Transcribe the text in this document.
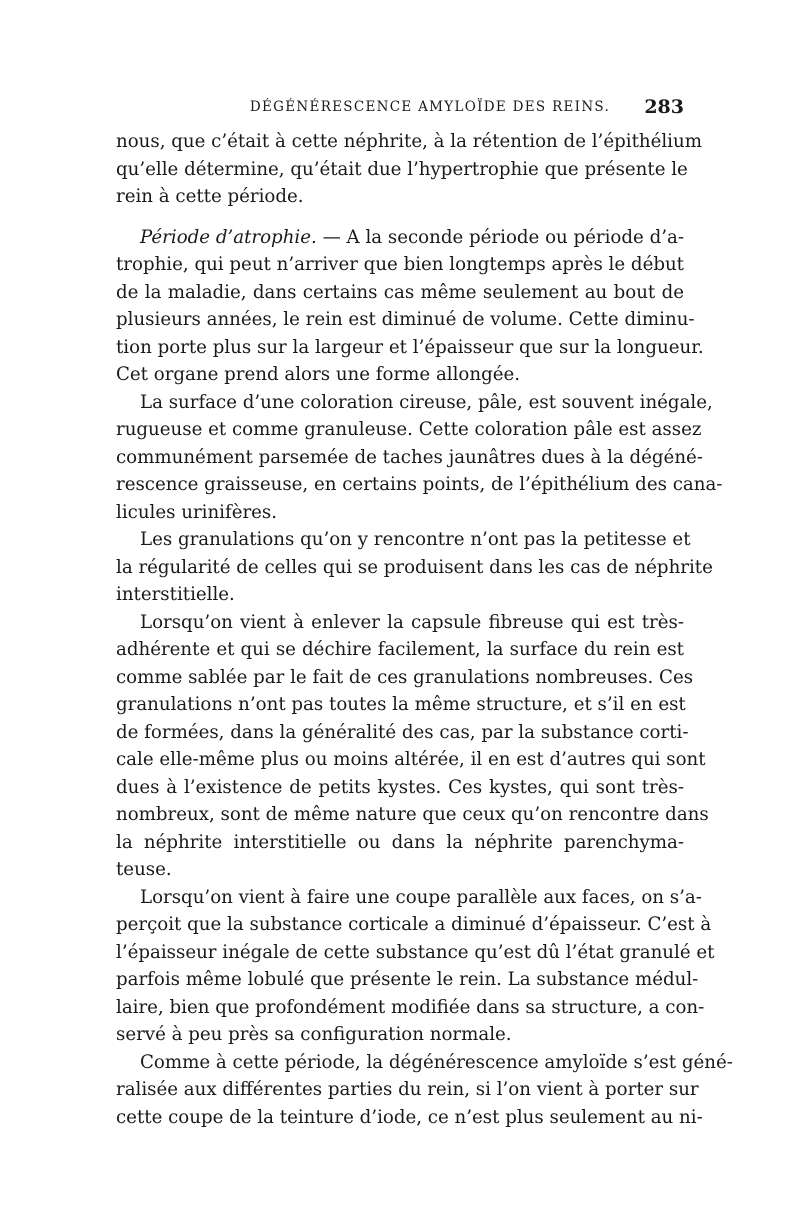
DÉGÉNÉRESCENCE AMYLOÏDE DES REINS.	283
nous, que c’était à cette néphrite, à la rétention de l’épithélium
qu’elle détermine, qu’était due l’hypertrophie que présente le
rein à cette période.
Période d’atrophie. — A la seconde période ou période d’a-
trophie, qui peut n’arriver que bien longtemps après le début
de la maladie, dans certains cas même seulement au bout de
plusieurs années, le rein est diminué de volume. Cette diminu-
tion porte plus sur la largeur et l’épaisseur que sur la longueur.
Cet organe prend alors une forme allongée.
La surface d’une coloration cireuse, pâle, est souvent inégale,
rugueuse et comme granuleuse. Cette coloration pâle est assez
communément parsemée de taches jaunâtres dues à la dégéné-
rescence graisseuse, en certains points, de l’épithélium des cana-
licules urinifères.
Les granulations qu’on y rencontre n’ont pas la petitesse et
la régularité de celles qui se produisent dans les cas de néphrite
interstitielle.
Lorsqu’on vient à enlever la capsule fibreuse qui est très-
adhérente et qui se déchire facilement, la surface du rein est
comme sablée par le fait de ces granulations nombreuses. Ces
granulations n’ont pas toutes la même structure, et s’il en est
de formées, dans la généralité des cas, par la substance corti-
cale elle-même plus ou moins altérée, il en est d’autres qui sont
dues à l’existence de petits kystes. Ces kystes, qui sont très-
nombreux, sont de même nature que ceux qu’on rencontre dans
la néphrite interstitielle ou dans la néphrite parenchyma-
teuse.
Lorsqu’on vient à faire une coupe parallèle aux faces, on s’a-
perçoit que la substance corticale a diminué d’épaisseur. C’est à
l’épaisseur inégale de cette substance qu’est dû l’état granulé et
parfois même lobulé que présente le rein. La substance médul-
laire, bien que profondément modifiée dans sa structure, a con-
servé à peu près sa configuration normale.
Comme à cette période, la dégénérescence amyloïde s’est géné-
ralisée aux différentes parties du rein, si l’on vient à porter sur
cette coupe de la teinture d’iode, ce n’est plus seulement au ni-
